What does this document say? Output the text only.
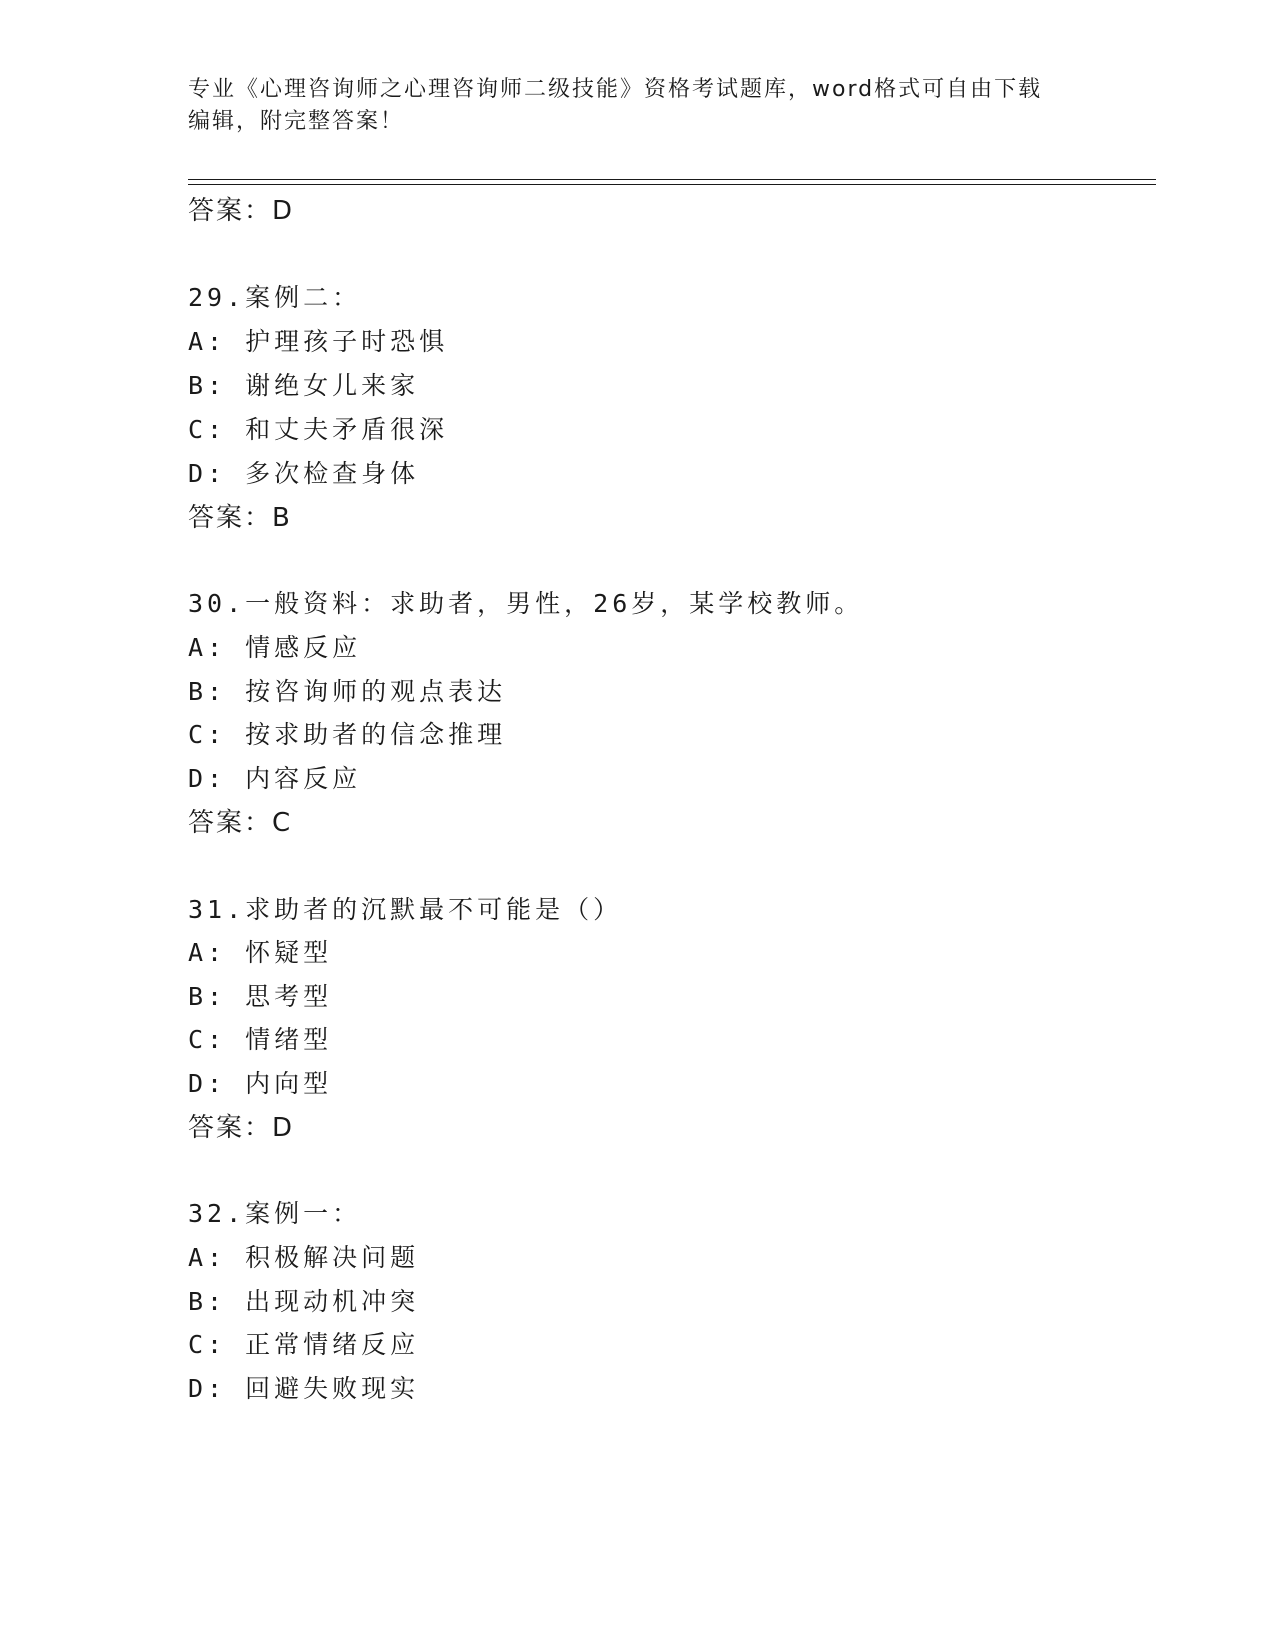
专业《心理咨询师之心理咨询师二级技能》资格考试题库，word格式可自由下载
编辑，附完整答案！
答案：D
29.案例二：
A: 护理孩子时恐惧
B: 谢绝女儿来家
C: 和丈夫矛盾很深
D: 多次检查身体
答案：B
30.一般资料：求助者，男性，26岁，某学校教师。
A: 情感反应
B: 按咨询师的观点表达
C: 按求助者的信念推理
D: 内容反应
答案：C
31.求助者的沉默最不可能是（）
A: 怀疑型
B: 思考型
C: 情绪型
D: 内向型
答案：D
32.案例一：
A: 积极解决问题
B: 出现动机冲突
C: 正常情绪反应
D: 回避失败现实
